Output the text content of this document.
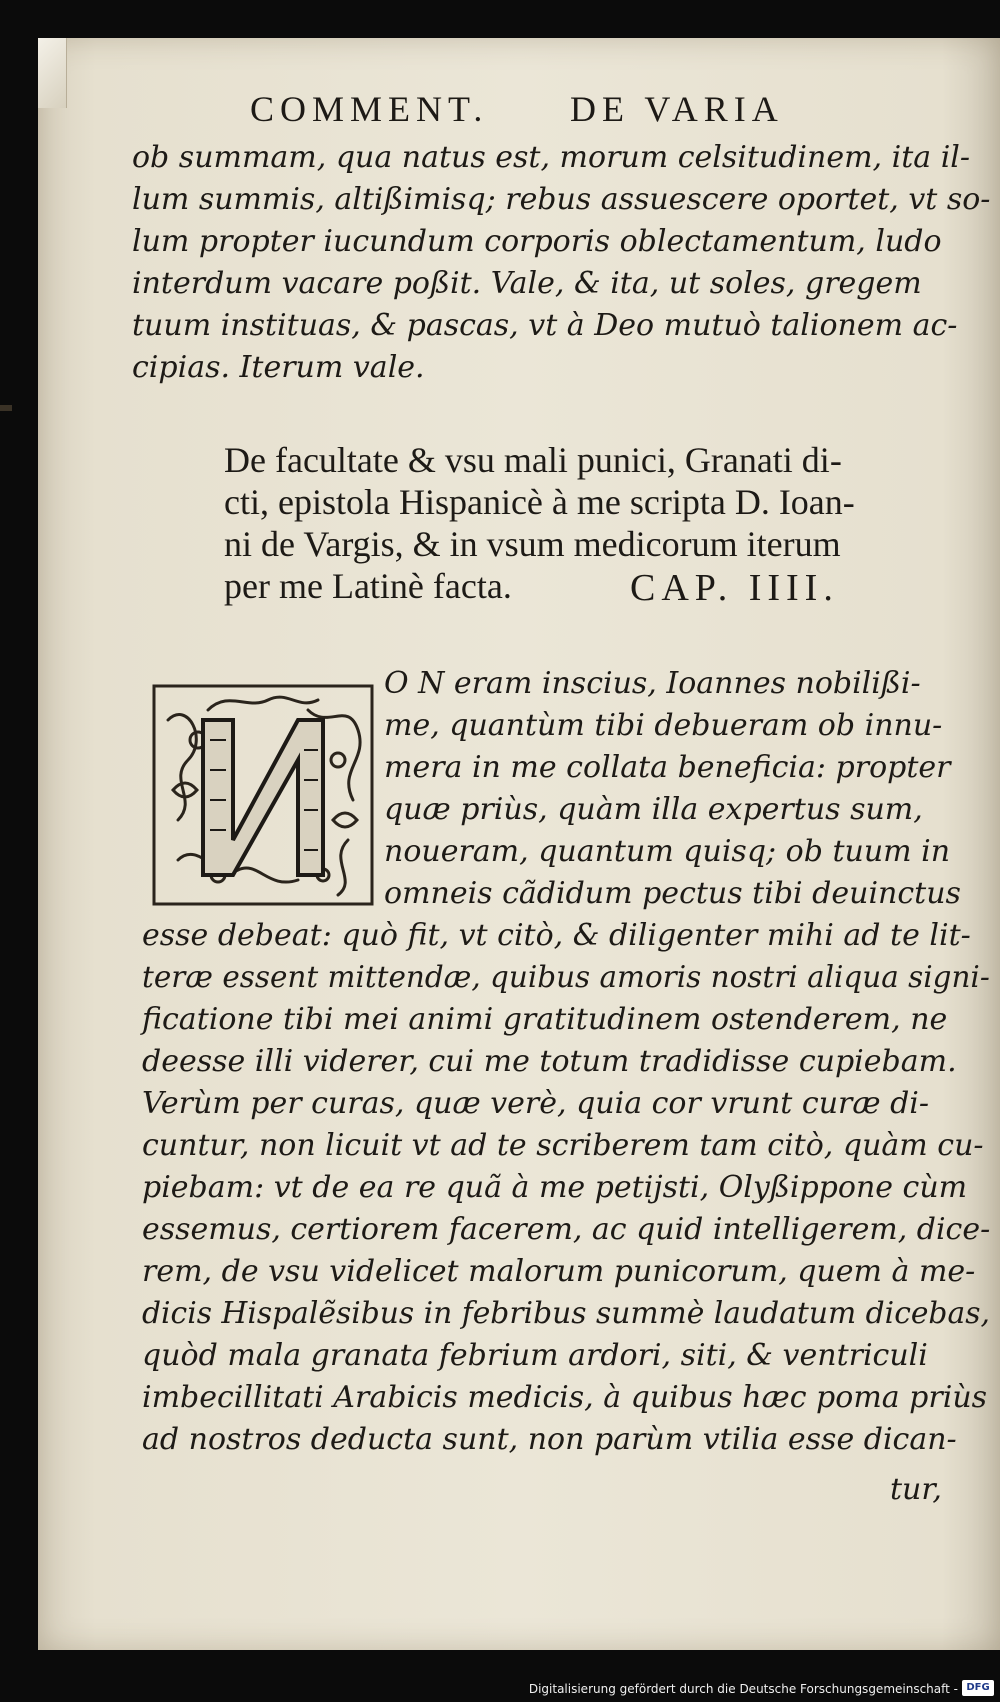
COMMENT. DE VARIA
ob summam, qua natus est, morum celsitudinem, ita il-
lum summis, altißimisq; rebus assuescere oportet, vt so-
lum propter iucundum corporis oblectamentum, ludo
interdum vacare poßit. Vale, & ita, ut soles, gregem
tuum instituas, & pascas, vt à Deo mutuò talionem ac-
cipias. Iterum vale.
De facultate & vsu mali punici, Granati di-
cti, epistola Hispanicè à me scripta D. Ioan-
ni de Vargis, & in vsum medicorum iterum
per me Latinè facta.	CAP. IIII.
N	O N eram inscius, Ioannes nobilißi-
me, quantùm tibi debueram ob innu-
mera in me collata beneficia: propter
quæ priùs, quàm illa expertus sum,
noueram, quantum quisq; ob tuum in
omneis cãdidum pectus tibi deuinctus
esse debeat: quò fit, vt citò, & diligenter mihi ad te lit-
teræ essent mittendæ, quibus amoris nostri aliqua signi-
ficatione tibi mei animi gratitudinem ostenderem, ne
deesse illi viderer, cui me totum tradidisse cupiebam.
Verùm per curas, quæ verè, quia cor vrunt curæ di-
cuntur, non licuit vt ad te scriberem tam citò, quàm cu-
piebam: vt de ea re quã à me petijsti, Olyßippone cùm
essemus, certiorem facerem, ac quid intelligerem, dice-
rem, de vsu videlicet malorum punicorum, quem à me-
dicis Hispalẽsibus in febribus summè laudatum dicebas,
quòd mala granata febrium ardori, siti, & ventriculi
imbecillitati Arabicis medicis, à quibus hæc poma priùs
ad nostros deducta sunt, non parùm vtilia esse dican-
tur,
Digitalisierung gefördert durch die Deutsche Forschungsgemeinschaft - DFG
